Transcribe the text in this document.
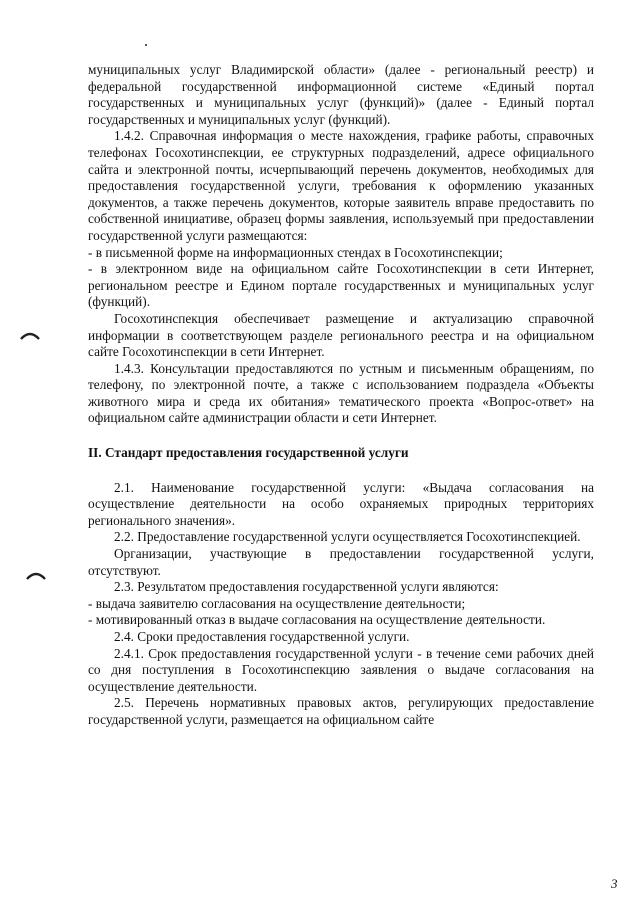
муниципальных услуг Владимирской области» (далее - региональный реестр) и федеральной государственной информационной системе «Единый портал государственных и муниципальных услуг (функций)» (далее - Единый портал государственных и муниципальных услуг (функций).

1.4.2. Справочная информация о месте нахождения, графике работы, справочных телефонах Госохотинспекции, ее структурных подразделений, адресе официального сайта и электронной почты, исчерпывающий перечень документов, необходимых для предоставления государственной услуги, требования к оформлению указанных документов, а также перечень документов, которые заявитель вправе предоставить по собственной инициативе, образец формы заявления, используемый при предоставлении государственной услуги размещаются:

- в письменной форме на информационных стендах в Госохотинспекции;

- в электронном виде на официальном сайте Госохотинспекции в сети Интернет, региональном реестре и Едином портале государственных и муниципальных услуг (функций).

Госохотинспекция обеспечивает размещение и актуализацию справочной информации в соответствующем разделе регионального реестра и на официальном сайте Госохотинспекции в сети Интернет.

1.4.3. Консультации предоставляются по устным и письменным обращениям, по телефону, по электронной почте, а также с использованием подраздела «Объекты животного мира и среда их обитания» тематического проекта «Вопрос-ответ» на официальном сайте администрации области и сети Интернет.

II. Стандарт предоставления государственной услуги

2.1. Наименование государственной услуги: «Выдача согласования на осуществление деятельности на особо охраняемых природных территориях регионального значения».

2.2. Предоставление государственной услуги осуществляется Госохотинспекцией.

Организации, участвующие в предоставлении государственной услуги, отсутствуют.

2.3. Результатом предоставления государственной услуги являются:

- выдача заявителю согласования на осуществление деятельности;

- мотивированный отказ в выдаче согласования на осуществление деятельности.

2.4. Сроки предоставления государственной услуги.

2.4.1. Срок предоставления государственной услуги - в течение семи рабочих дней со дня поступления в Госохотинспекцию заявления о выдаче согласования на осуществление деятельности.

2.5. Перечень нормативных правовых актов, регулирующих предоставление государственной услуги, размещается на официальном сайте

3
